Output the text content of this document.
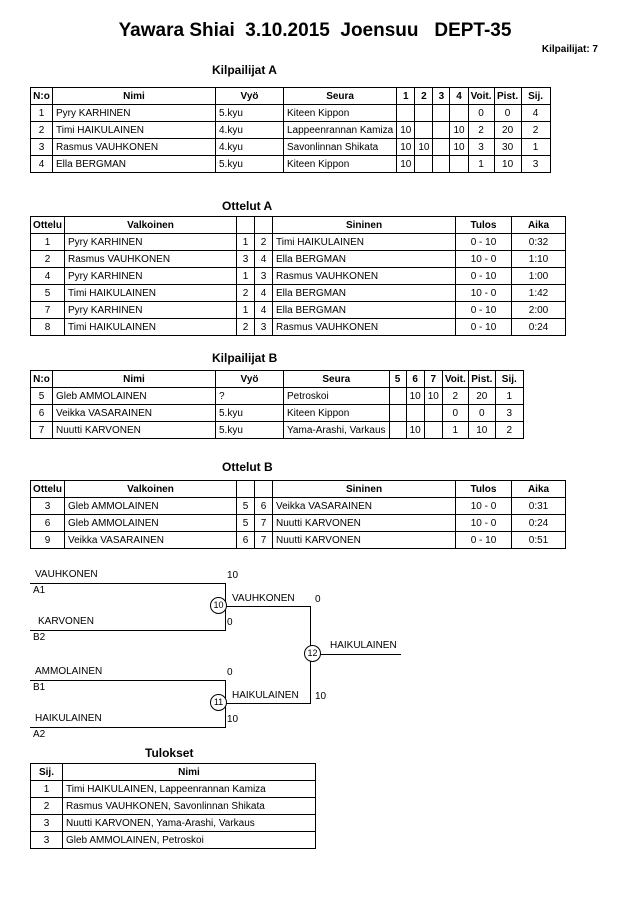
Yawara Shiai  3.10.2015  Joensuu   DEPT-35
Kilpailijat: 7
Kilpailijat A
N:o	Nimi	Vyö	Seura	1	2	3	4	Voit.	Pist.	Sij.
1	Pyry KARHINEN	5.kyu	Kiteen Kippon					0	0	4
2	Timi HAIKULAINEN	4.kyu	Lappeenrannan Kamiza	10			10	2	20	2
3	Rasmus VAUHKONEN	4.kyu	Savonlinnan Shikata	10	10		10	3	30	1
4	Ella BERGMAN	5.kyu	Kiteen Kippon	10				1	10	3
Ottelut A
Ottelu	Valkoinen			Sininen	Tulos	Aika
1	Pyry KARHINEN	1	2	Timi HAIKULAINEN	0 - 10	0:32
2	Rasmus VAUHKONEN	3	4	Ella BERGMAN	10 - 0	1:10
4	Pyry KARHINEN	1	3	Rasmus VAUHKONEN	0 - 10	1:00
5	Timi HAIKULAINEN	2	4	Ella BERGMAN	10 - 0	1:42
7	Pyry KARHINEN	1	4	Ella BERGMAN	0 - 10	2:00
8	Timi HAIKULAINEN	2	3	Rasmus VAUHKONEN	0 - 10	0:24
Kilpailijat B
N:o	Nimi	Vyö	Seura	5	6	7	Voit.	Pist.	Sij.
5	Gleb AMMOLAINEN	?	Petroskoi		10	10	2	20	1
6	Veikka VASARAINEN	5.kyu	Kiteen Kippon				0	0	3
7	Nuutti KARVONEN	5.kyu	Yama-Arashi, Varkaus		10		1	10	2
Ottelut B
Ottelu	Valkoinen			Sininen	Tulos	Aika
3	Gleb AMMOLAINEN	5	6	Veikka VASARAINEN	10 - 0	0:31
6	Gleb AMMOLAINEN	5	7	Nuutti KARVONEN	10 - 0	0:24
9	Veikka VASARAINEN	6	7	Nuutti KARVONEN	0 - 10	0:51
10
11
12
VAUHKONEN	10
A1
KARVONEN	0
B2
VAUHKONEN 0
AMMOLAINEN	0
B1
HAIKULAINEN	10
A2
HAIKULAINEN 10
HAIKULAINEN
Tulokset
Sij.	Nimi
1	Timi HAIKULAINEN, Lappeenrannan Kamiza
2	Rasmus VAUHKONEN, Savonlinnan Shikata
3	Nuutti KARVONEN, Yama-Arashi, Varkaus
3	Gleb AMMOLAINEN, Petroskoi
